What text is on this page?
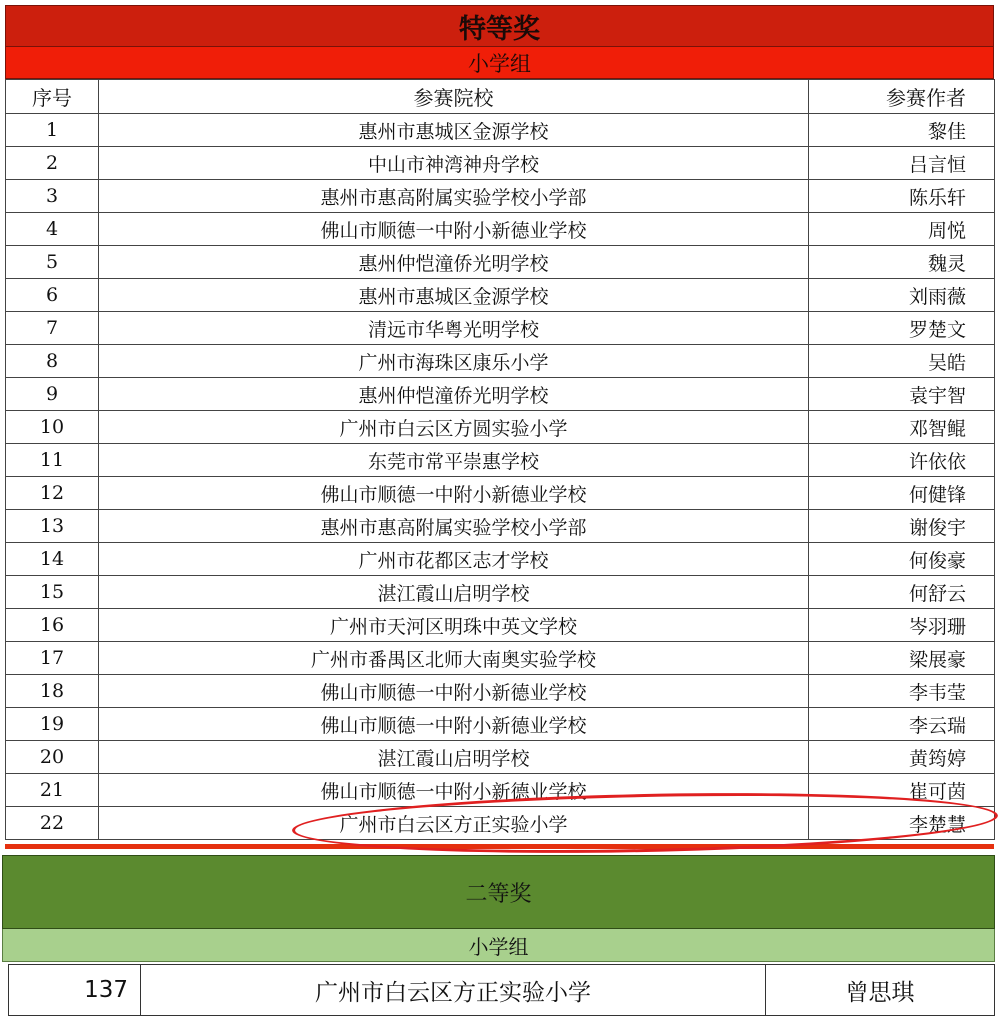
特等奖
小学组
序号	参赛院校	参赛作者
1	惠州市惠城区金源学校	黎佳
2	中山市神湾神舟学校	吕言恒
3	惠州市惠高附属实验学校小学部	陈乐轩
4	佛山市顺德一中附小新德业学校	周悦
5	惠州仲恺潼侨光明学校	魏灵
6	惠州市惠城区金源学校	刘雨薇
7	清远市华粤光明学校	罗楚文
8	广州市海珠区康乐小学	吴皓
9	惠州仲恺潼侨光明学校	袁宇智
10	广州市白云区方圆实验小学	邓智鲲
11	东莞市常平崇惠学校	许依依
12	佛山市顺德一中附小新德业学校	何健锋
13	惠州市惠高附属实验学校小学部	谢俊宇
14	广州市花都区志才学校	何俊豪
15	湛江霞山启明学校	何舒云
16	广州市天河区明珠中英文学校	岑羽珊
17	广州市番禺区北师大南奥实验学校	梁展豪
18	佛山市顺德一中附小新德业学校	李韦莹
19	佛山市顺德一中附小新德业学校	李云瑞
20	湛江霞山启明学校	黄筠婷
21	佛山市顺德一中附小新德业学校	崔可茵
22	广州市白云区方正实验小学	李楚慧
二等奖
小学组
137	广州市白云区方正实验小学	曾思琪
